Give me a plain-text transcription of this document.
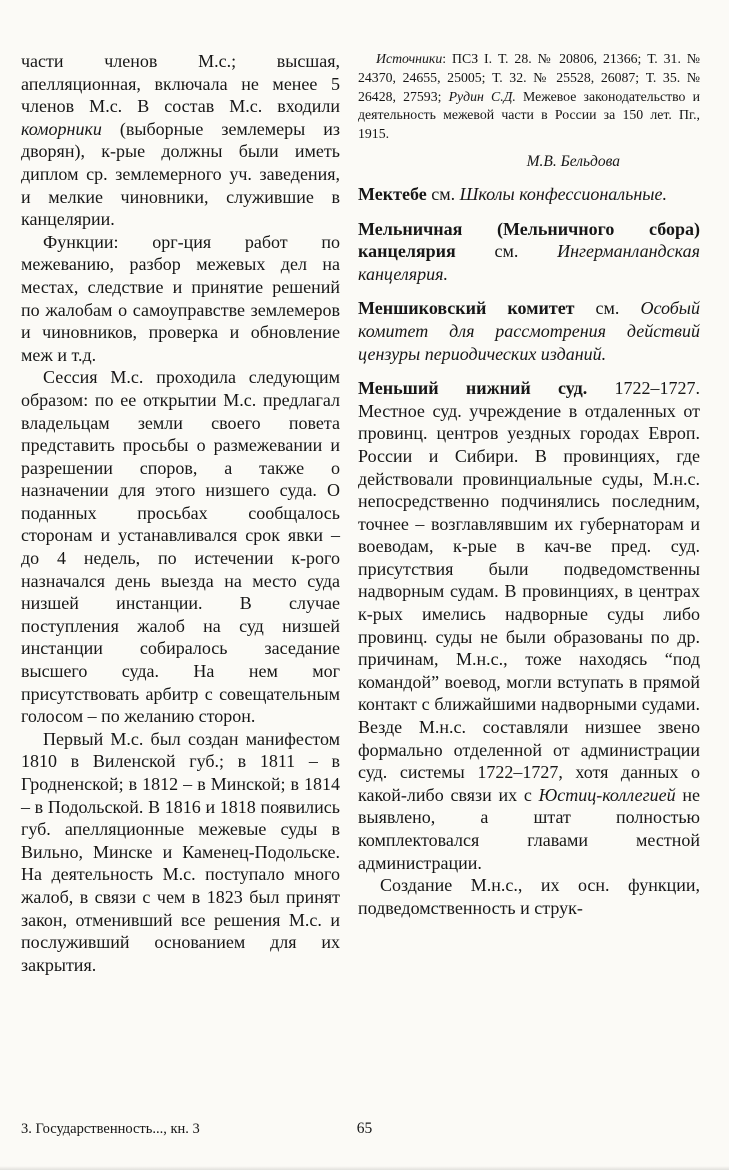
части членов М.с.; высшая, апелляционная, включала не менее 5 членов М.с. В состав М.с. входили коморники (выборные землемеры из дворян), к-рые должны были иметь диплом ср. землемерного уч. заведения, и мелкие чиновники, служившие в канцелярии.

Функции: орг-ция работ по межеванию, разбор межевых дел на местах, следствие и принятие решений по жалобам о самоуправстве землемеров и чиновников, проверка и обновление меж и т.д.

Сессия М.с. проходила следующим образом: по ее открытии М.с. предлагал владельцам земли своего повета представить просьбы о размежевании и разрешении споров, а также о назначении для этого низшего суда. О поданных просьбах сообщалось сторонам и устанавливался срок явки – до 4 недель, по истечении к-рого назначался день выезда на место суда низшей инстанции. В случае поступления жалоб на суд низшей инстанции собиралось заседание высшего суда. На нем мог присутствовать арбитр с совещательным голосом – по желанию сторон.

Первый М.с. был создан манифестом 1810 в Виленской губ.; в 1811 – в Гродненской; в 1812 – в Минской; в 1814 – в Подольской. В 1816 и 1818 появились губ. апелляционные межевые суды в Вильно, Минске и Каменец-Подольске. На деятельность М.с. поступало много жалоб, в связи с чем в 1823 был принят закон, отменивший все решения М.с. и послуживший основанием для их закрытия.

Источники: ПСЗ I. Т. 28. № 20806, 21366; Т. 31. № 24370, 24655, 25005; Т. 32. № 25528, 26087; Т. 35. № 26428, 27593; Рудин С.Д. Межевое законодательство и деятельность межевой части в России за 150 лет. Пг., 1915.

М.В. Бельдова

Мектебе см. Школы конфессиональные.

Мельничная (Мельничного сбора) канцелярия см. Ингерманландская канцелярия.

Меншиковский комитет см. Особый комитет для рассмотрения действий цензуры периодических изданий.

Меньший нижний суд. 1722–1727. Местное суд. учреждение в отдаленных от провинц. центров уездных городах Европ. России и Сибири. В провинциях, где действовали провинциальные суды, М.н.с. непосредственно подчинялись последним, точнее – возглавлявшим их губернаторам и воеводам, к-рые в кач-ве пред. суд. присутствия были подведомственны надворным судам. В провинциях, в центрах к-рых имелись надворные суды либо провинц. суды не были образованы по др. причинам, М.н.с., тоже находясь “под командой” воевод, могли вступать в прямой контакт с ближайшими надворными судами. Везде М.н.с. составляли низшее звено формально отделенной от администрации суд. системы 1722–1727, хотя данных о какой-либо связи их с Юстиц-коллегией не выявлено, а штат полностью комплектовался главами местной администрации.

Создание М.н.с., их осн. функции, подведомственность и струк-

3. Государственность..., кн. 3	65
